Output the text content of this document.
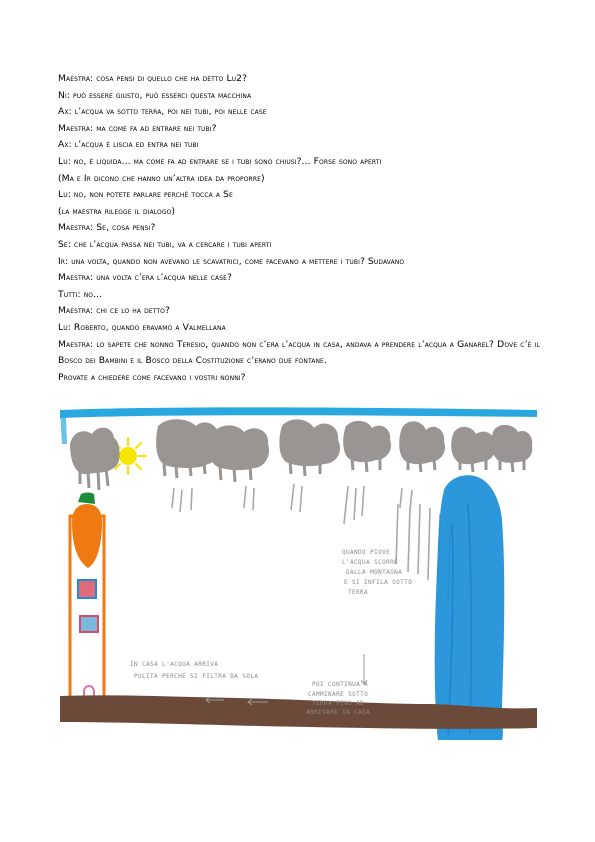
Maestra: cosa pensi di quello che ha detto Lu2?
Ni: può essere giusto, può esserci questa macchina
Ax: l’acqua va sotto terra, poi nei tubi, poi nelle case
Maestra: ma come fa ad entrare nei tubi?
Ax: l’acqua è liscia ed entra nei tubi
Lu: no, è liquida... ma come fa ad entrare se i tubi sono chiusi?... Forse sono aperti
(Ma e Ir dicono che hanno un’altra idea da proporre)
Lu: no, non potete parlare perché tocca a Se
(la maestra rilegge il dialogo)
Maestra: Se, cosa pensi?
Se: che l’acqua passa nei tubi, va a cercare i tubi aperti
Ir: una volta, quando non avevano le scavatrici, come facevano a mettere i tubi? Sudavano
Maestra: una volta c’era l’acqua nelle case?
Tutti: no...
Maestra: chi ce lo ha detto?
Lu: Roberto, quando eravamo a Valmellana
Maestra: lo sapete che nonno Teresio, quando non c’era l’acqua in casa, andava a prendere l’acqua a Ganarel? Dove c’è il Bosco dei Bambini e il Bosco della Costituzione c’erano due fontane.
Provate a chiedere come facevano i vostri nonni?
QUANDO PIOVE
L'ACQUA SCORRE
DALLA MONTAGNA
E SI INFILA SOTTO
TERRA
IN CASA L'ACQUA ARRIVA
PULITA PERCHÉ SI FILTRA DA SOLA
POI CONTINUA A
CAMMINARE SOTTO
TERRA FINO AD
ARRIVARE IN CASA
